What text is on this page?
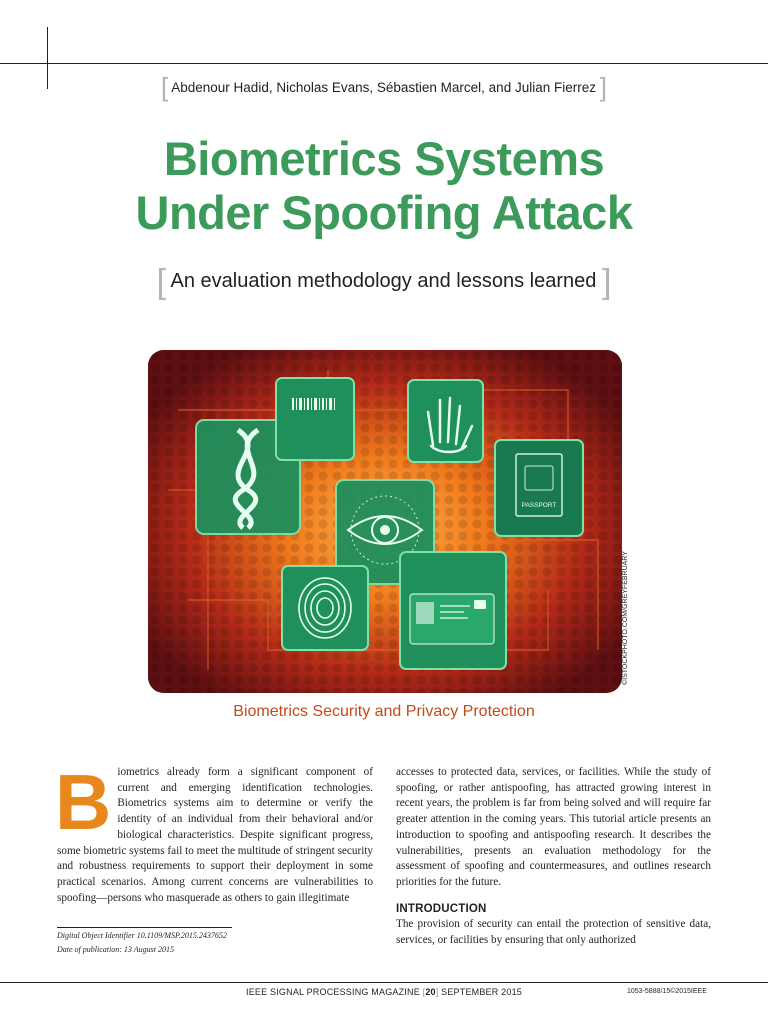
[ Abdenour Hadid, Nicholas Evans, Sébastien Marcel, and Julian Fierrez ]
Biometrics Systems
Under Spoofing Attack
[ An evaluation methodology and lessons learned ]
PASSPORT
©ISTOCKPHOTO.COM/GREYFEBRUARY
Biometrics Security and Privacy Protection
B iometrics already form a significant component of current and emerging identification technologies. Biometrics systems aim to determine or verify the identity of an individual from their behavioral and/or biological characteristics. Despite significant progress, some biometric systems fail to meet the multitude of stringent security and robustness requirements to support their deployment in some practical scenarios. Among current concerns are vulnerabilities to spoofing—persons who masquerade as others to gain illegitimate
accesses to protected data, services, or facilities. While the study of spoofing, or rather antispoofing, has attracted growing interest in recent years, the problem is far from being solved and will require far greater attention in the coming years. This tutorial article presents an introduction to spoofing and antispoofing research. It describes the vulnerabilities, presents an evaluation methodology for the assessment of spoofing and countermeasures, and outlines research priorities for the future.
INTRODUCTION
The provision of security can entail the protection of sensitive data, services, or facilities by ensuring that only authorized
Digital Object Identifier 10.1109/MSP.2015.2437652
Date of publication: 13 August 2015
IEEE SIGNAL PROCESSING MAGAZINE [20] SEPTEMBER 2015	1053-5888/15©2015IEEE
